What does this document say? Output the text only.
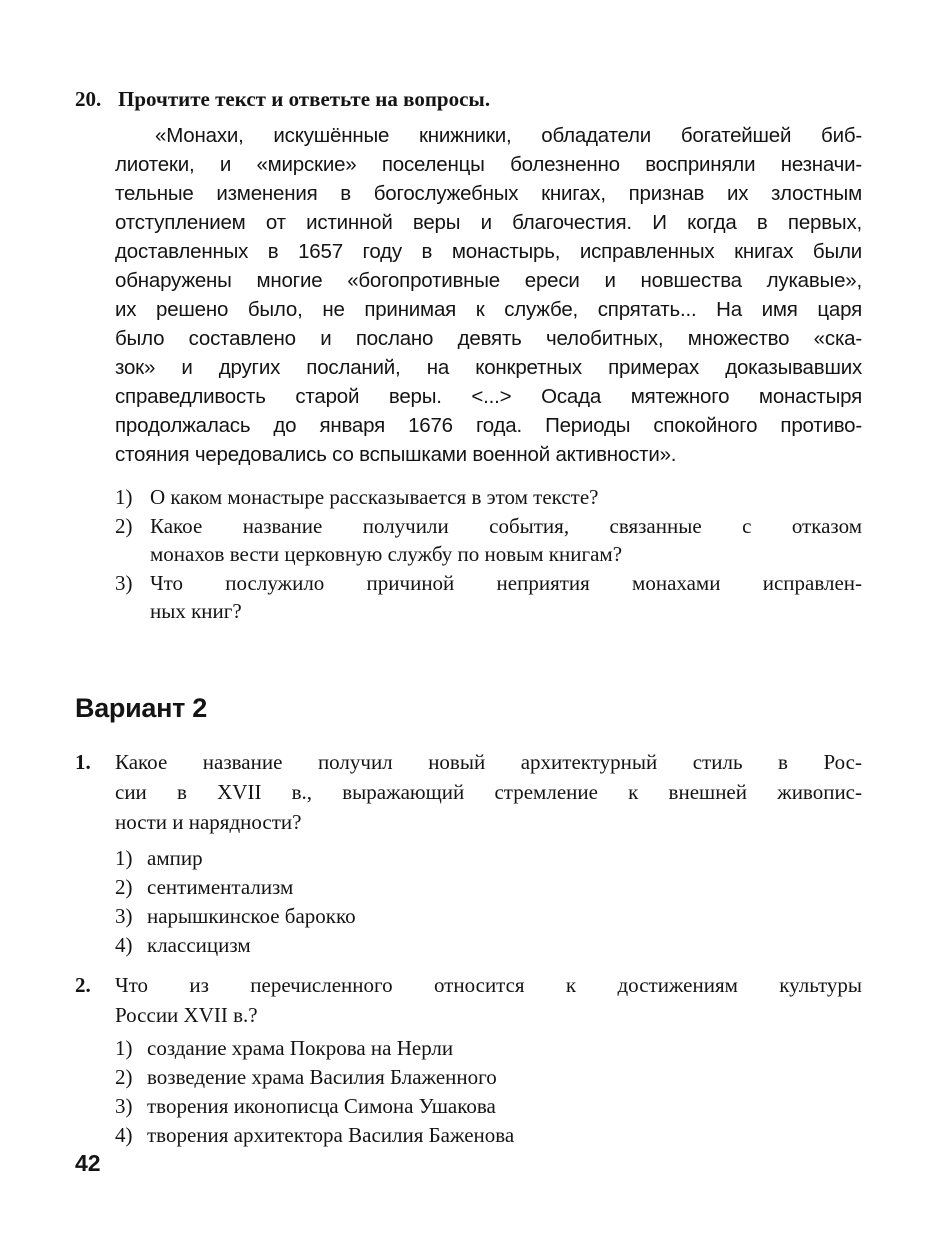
20. Прочтите текст и ответьте на вопросы.
«Монахи, искушённые книжники, обладатели богатейшей биб-
лиотеки, и «мирские» поселенцы болезненно восприняли незначи-
тельные изменения в богослужебных книгах, признав их злостным
отступлением от истинной веры и благочестия. И когда в первых,
доставленных в 1657 году в монастырь, исправленных книгах были
обнаружены многие «богопротивные ереси и новшества лукавые»,
их решено было, не принимая к службе, спрятать... На имя царя
было составлено и послано девять челобитных, множество «ска-
зок» и других посланий, на конкретных примерах доказывавших
справедливость старой веры. <...> Осада мятежного монастыря
продолжалась до января 1676 года. Периоды спокойного противо-
стояния чередовались со вспышками военной активности».
1) О каком монастыре рассказывается в этом тексте?
2) Какое название получили события, связанные с отказом
монахов вести церковную службу по новым книгам?
3) Что послужило причиной неприятия монахами исправлен-
ных книг?
Вариант 2
1.	Какое название получил новый архитектурный стиль в Рос-
сии в XVII в., выражающий стремление к внешней живопис-
ности и нарядности?
1) ампир
2) сентиментализм
3) нарышкинское барокко
4) классицизм
2.	Что из перечисленного относится к достижениям культуры
России XVII в.?
1) создание храма Покрова на Нерли
2) возведение храма Василия Блаженного
3) творения иконописца Симона Ушакова
4) творения архитектора Василия Баженова
42
